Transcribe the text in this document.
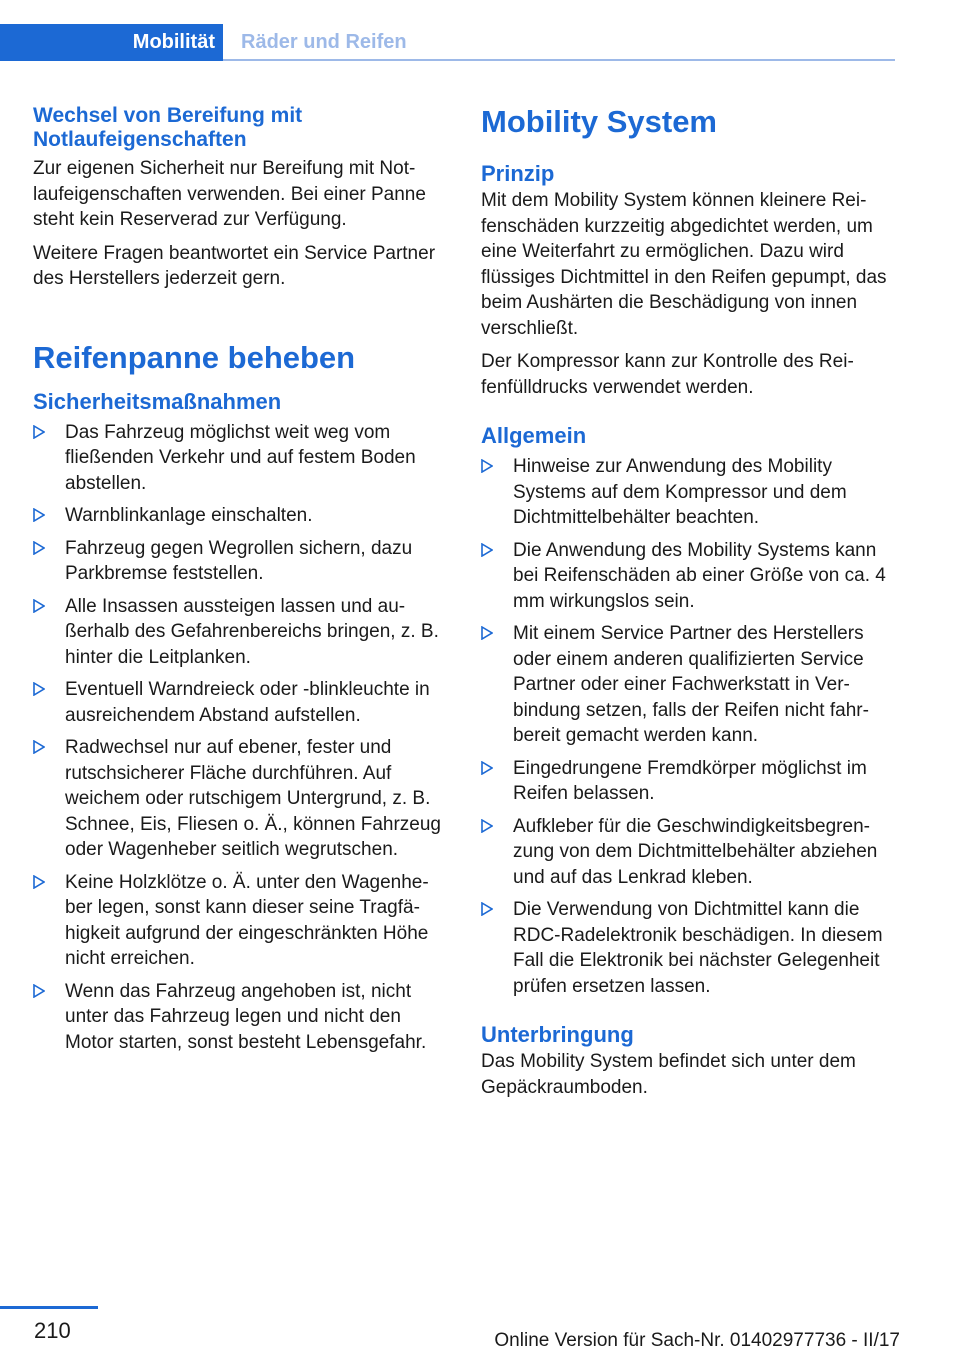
Mobilität	Räder und Reifen
Wechsel von Bereifung mit Notlaufeigenschaften

Zur eigenen Sicherheit nur Bereifung mit Notlaufeigenschaften verwenden. Bei einer Panne steht kein Reserverad zur Verfügung.

Weitere Fragen beantwortet ein Service Partner des Herstellers jederzeit gern.

Reifenpanne beheben
Sicherheitsmaßnahmen
Das Fahrzeug möglichst weit weg vom fließenden Verkehr und auf festem Boden abstellen.
Warnblinkanlage einschalten.
Fahrzeug gegen Wegrollen sichern, dazu Parkbremse feststellen.
Alle Insassen aussteigen lassen und außerhalb des Gefahrenbereichs bringen, z. B. hinter die Leitplanken.
Eventuell Warndreieck oder -blinkleuchte in ausreichendem Abstand aufstellen.
Radwechsel nur auf ebener, fester und rutschsicherer Fläche durchführen. Auf weichem oder rutschigem Untergrund, z. B. Schnee, Eis, Fliesen o. Ä., können Fahrzeug oder Wagenheber seitlich wegrutschen.
Keine Holzklötze o. Ä. unter den Wagenheber legen, sonst kann dieser seine Tragfähigkeit aufgrund der eingeschränkten Höhe nicht erreichen.
Wenn das Fahrzeug angehoben ist, nicht unter das Fahrzeug legen und nicht den Motor starten, sonst besteht Lebensgefahr.
Mobility System
Prinzip

Mit dem Mobility System können kleinere Reifenschäden kurzzeitig abgedichtet werden, um eine Weiterfahrt zu ermöglichen. Dazu wird flüssiges Dichtmittel in den Reifen gepumpt, das beim Aushärten die Beschädigung von innen verschließt.

Der Kompressor kann zur Kontrolle des Reifenfülldrucks verwendet werden.

Allgemein
Hinweise zur Anwendung des Mobility Systems auf dem Kompressor und dem Dichtmittelbehälter beachten.
Die Anwendung des Mobility Systems kann bei Reifenschäden ab einer Größe von ca. 4 mm wirkungslos sein.
Mit einem Service Partner des Herstellers oder einem anderen qualifizierten Service Partner oder einer Fachwerkstatt in Verbindung setzen, falls der Reifen nicht fahrbereit gemacht werden kann.
Eingedrungene Fremdkörper möglichst im Reifen belassen.
Aufkleber für die Geschwindigkeitsbegrenzung von dem Dichtmittelbehälter abziehen und auf das Lenkrad kleben.
Die Verwendung von Dichtmittel kann die RDC-Radelektronik beschädigen. In diesem Fall die Elektronik bei nächster Gelegenheit prüfen ersetzen lassen.
Unterbringung

Das Mobility System befindet sich unter dem Gepäckraumboden.

210	Online Version für Sach-Nr. 01402977736 - II/17
